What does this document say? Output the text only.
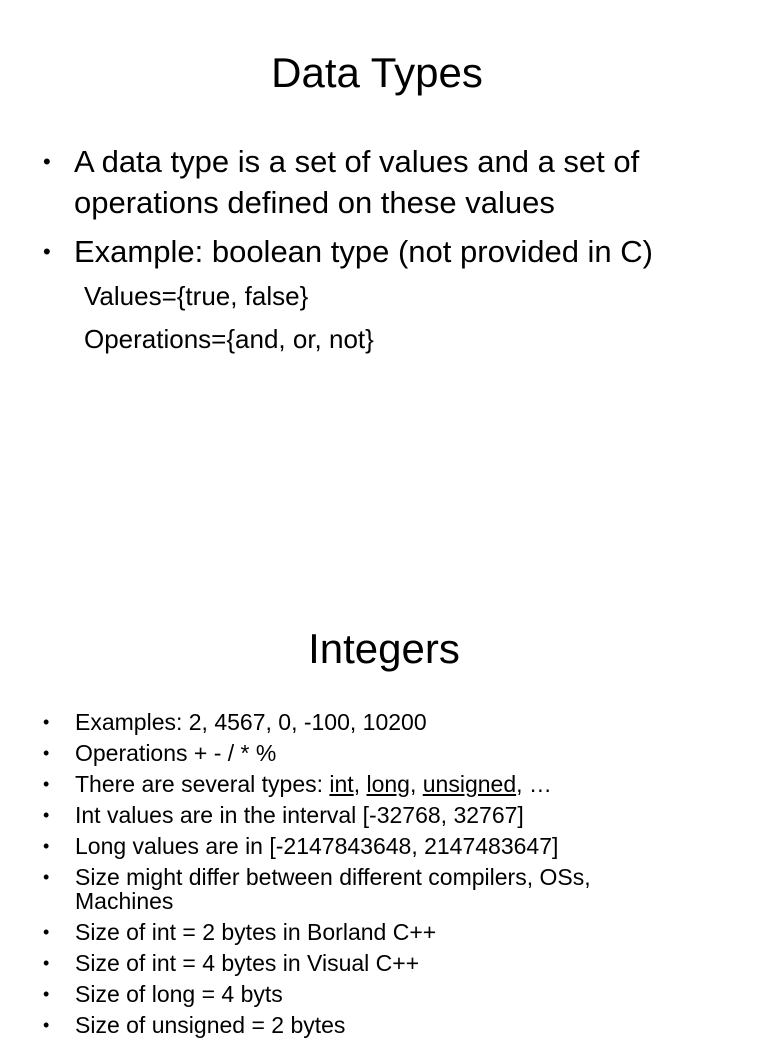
Data Types
• A data type is a set of values and a set of operations defined on these values
• Example: boolean type (not provided in C)
Values={true, false}
Operations={and, or, not}
Integers
• Examples: 2, 4567, 0, -100, 10200
• Operations + - / * %
• There are several types: int, long, unsigned, …
• Int values are in the interval [-32768, 32767]
• Long values are in [-2147843648, 2147483647]
• Size might differ between different compilers, OSs, Machines
• Size of int = 2 bytes in Borland C++
• Size of int = 4 bytes in Visual C++
• Size of long = 4 byts
• Size of unsigned = 2 bytes
